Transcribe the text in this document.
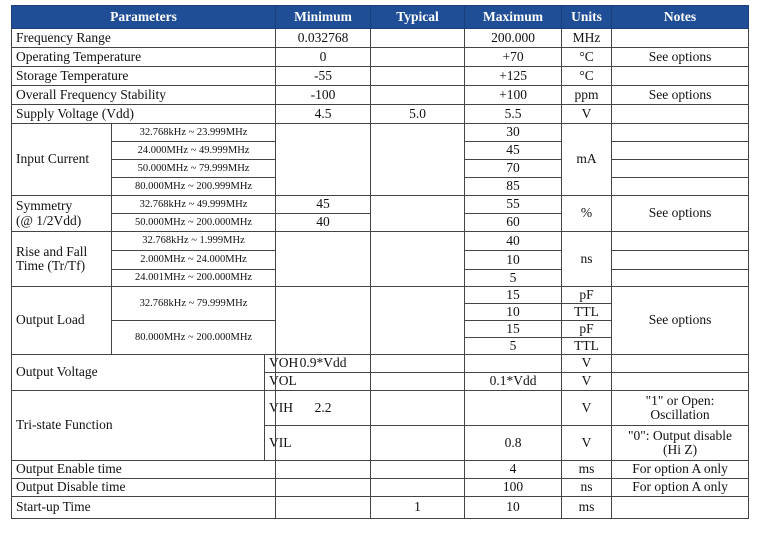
Parameters			Minimum	Typical	Maximum	Units	Notes
Frequency Range			0.032768		200.000	MHz	
Operating Temperature			0		+70	°C	See options
Storage Temperature			-55		+125	°C	
Overall Frequency Stability			-100		+100	ppm	See options
Supply Voltage (Vdd)			4.5	5.0	5.5	V	
Input Current	32.768kHz ~ 23.999MHz				30	mA	
	24.000MHz ~ 49.999MHz				45		
	50.000MHz ~ 79.999MHz				70		
	80.000MHz ~ 200.999MHz				85		

Symmetry
(@ 1/2Vdd)	32.768kHz ~ 49.999MHz		45		55	%	See options
	50.000MHz ~ 200.000MHz		40		60		

Rise and Fall
Time (Tr/Tf)	32.768kHz ~ 1.999MHz				40	ns	
	2.000MHz ~ 24.000MHz				10		
	24.001MHz ~ 200.000MHz				5		
Output Load	32.768kHz ~ 79.999MHz				15	pF	See options
					10	TTL	
	80.000MHz ~ 200.000MHz				15	pF	
					5	TTL	
Output Voltage		VOH	0.9*Vdd			V	
		VOL			0.1*Vdd	V	
Tri-state Function		VIH	2.2			V	"1" or Open:
Oscillation

		VIL			0.8	V	"0": Output disable
(Hi Z)

Output Enable time					4	ms	For option A only
Output Disable time					100	ns	For option A only
Start-up Time				1	10	ms	
